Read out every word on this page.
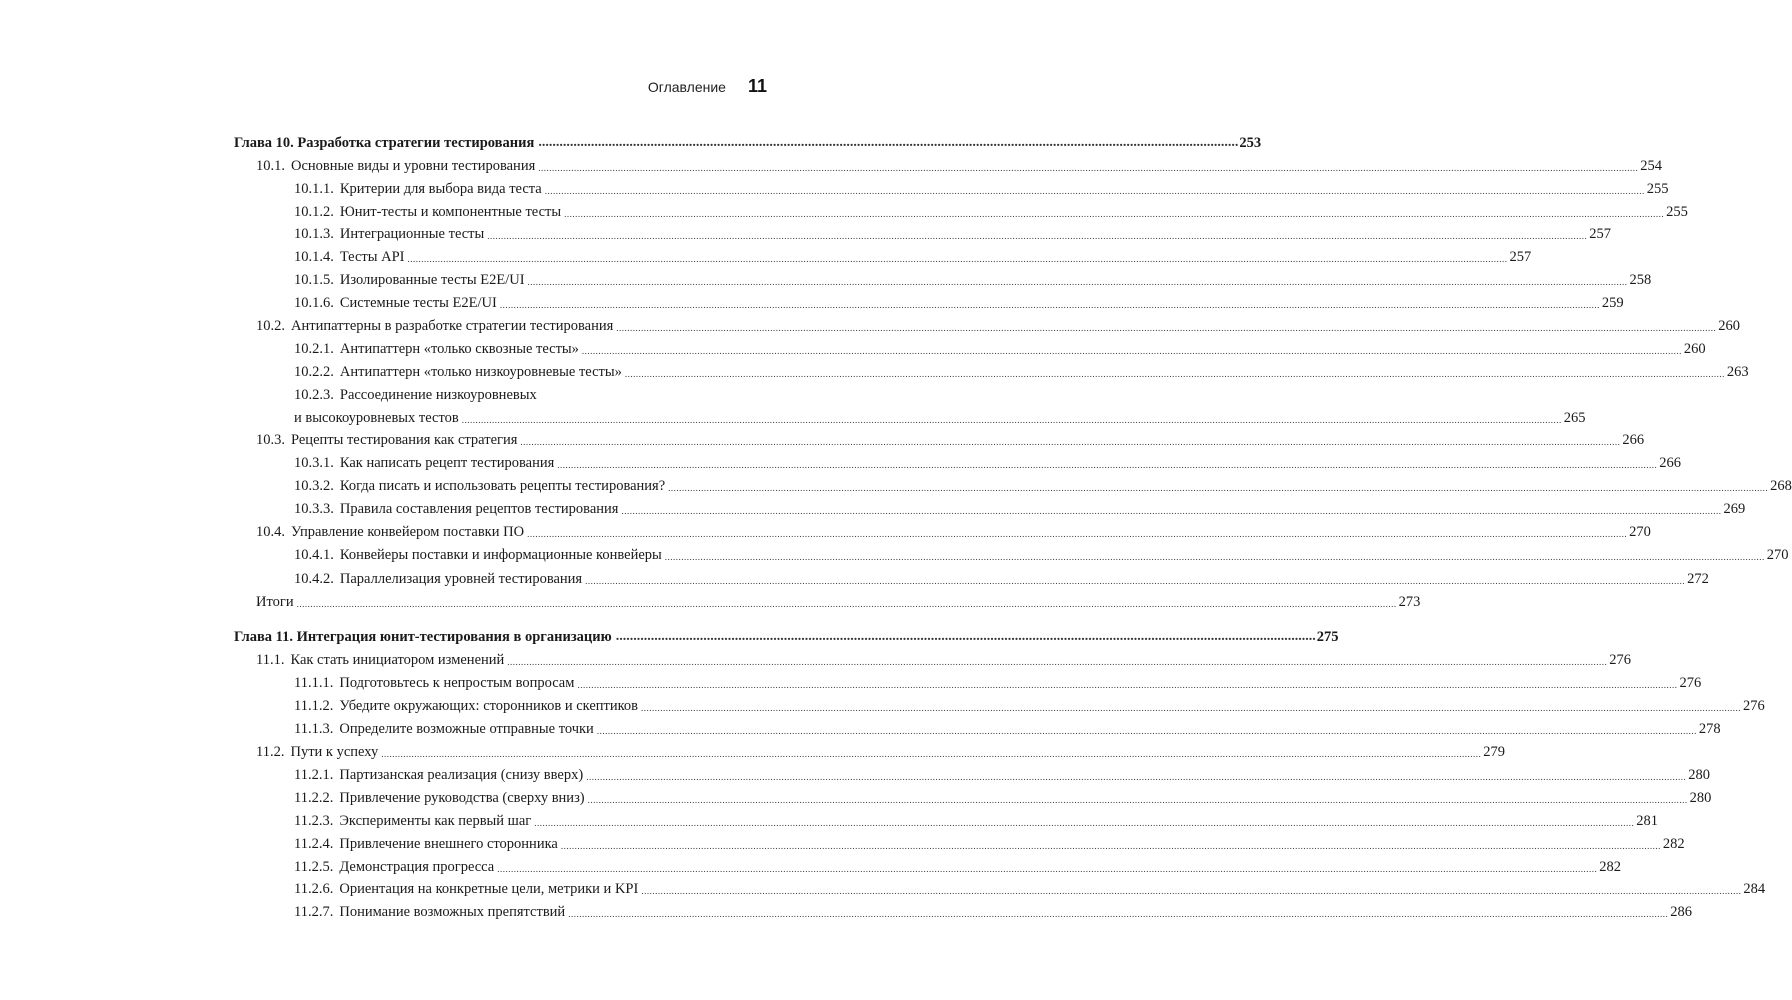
Оглавление 11
Глава 10. Разработка стратегии тестирования ........................................................................................................................................................................................................ 253
10.1. Основные виды и уровни тестирования ................................................................................................................................................................................................................................................................................................................................................................................................................ 254
10.1.1. Критерии для выбора вида теста ................................................................................................................................................................................................................................................................................................................................................................................................................ 255
10.1.2. Юнит-тесты и компонентные тесты ................................................................................................................................................................................................................................................................................................................................................................................................................ 255
10.1.3. Интеграционные тесты ................................................................................................................................................................................................................................................................................................................................................................................................................ 257
10.1.4. Тесты API ................................................................................................................................................................................................................................................................................................................................................................................................................ 257
10.1.5. Изолированные тесты E2E/UI ................................................................................................................................................................................................................................................................................................................................................................................................................ 258
10.1.6. Системные тесты E2E/UI ................................................................................................................................................................................................................................................................................................................................................................................................................ 259
10.2. Антипаттерны в разработке стратегии тестирования ................................................................................................................................................................................................................................................................................................................................................................................................................ 260
10.2.1. Антипаттерн «только сквозные тесты» ................................................................................................................................................................................................................................................................................................................................................................................................................ 260
10.2.2. Антипаттерн «только низкоуровневые тесты» ................................................................................................................................................................................................................................................................................................................................................................................................................ 263
10.2.3. Рассоединение низкоуровневых
и высокоуровневых тестов ................................................................................................................................................................................................................................................................................................................................................................................................................ 265
10.3. Рецепты тестирования как стратегия ................................................................................................................................................................................................................................................................................................................................................................................................................ 266
10.3.1. Как написать рецепт тестирования ................................................................................................................................................................................................................................................................................................................................................................................................................ 266
10.3.2. Когда писать и использовать рецепты тестирования? ................................................................................................................................................................................................................................................................................................................................................................................................................ 268
10.3.3. Правила составления рецептов тестирования ................................................................................................................................................................................................................................................................................................................................................................................................................ 269
10.4. Управление конвейером поставки ПО ................................................................................................................................................................................................................................................................................................................................................................................................................ 270
10.4.1. Конвейеры поставки и информационные конвейеры ................................................................................................................................................................................................................................................................................................................................................................................................................ 270
10.4.2. Параллелизация уровней тестирования ................................................................................................................................................................................................................................................................................................................................................................................................................ 272
Итоги ................................................................................................................................................................................................................................................................................................................................................................................................................ 273
Глава 11. Интеграция юнит-тестирования в организацию ........................................................................................................................................................................................................ 275
11.1. Как стать инициатором изменений ................................................................................................................................................................................................................................................................................................................................................................................................................ 276
11.1.1. Подготовьтесь к непростым вопросам ................................................................................................................................................................................................................................................................................................................................................................................................................ 276
11.1.2. Убедите окружающих: сторонников и скептиков ................................................................................................................................................................................................................................................................................................................................................................................................................ 276
11.1.3. Определите возможные отправные точки ................................................................................................................................................................................................................................................................................................................................................................................................................ 278
11.2. Пути к успеху ................................................................................................................................................................................................................................................................................................................................................................................................................ 279
11.2.1. Партизанская реализация (снизу вверх) ................................................................................................................................................................................................................................................................................................................................................................................................................ 280
11.2.2. Привлечение руководства (сверху вниз) ................................................................................................................................................................................................................................................................................................................................................................................................................ 280
11.2.3. Эксперименты как первый шаг ................................................................................................................................................................................................................................................................................................................................................................................................................ 281
11.2.4. Привлечение внешнего сторонника ................................................................................................................................................................................................................................................................................................................................................................................................................ 282
11.2.5. Демонстрация прогресса ................................................................................................................................................................................................................................................................................................................................................................................................................ 282
11.2.6. Ориентация на конкретные цели, метрики и KPI ................................................................................................................................................................................................................................................................................................................................................................................................................ 284
11.2.7. Понимание возможных препятствий ................................................................................................................................................................................................................................................................................................................................................................................................................ 286
